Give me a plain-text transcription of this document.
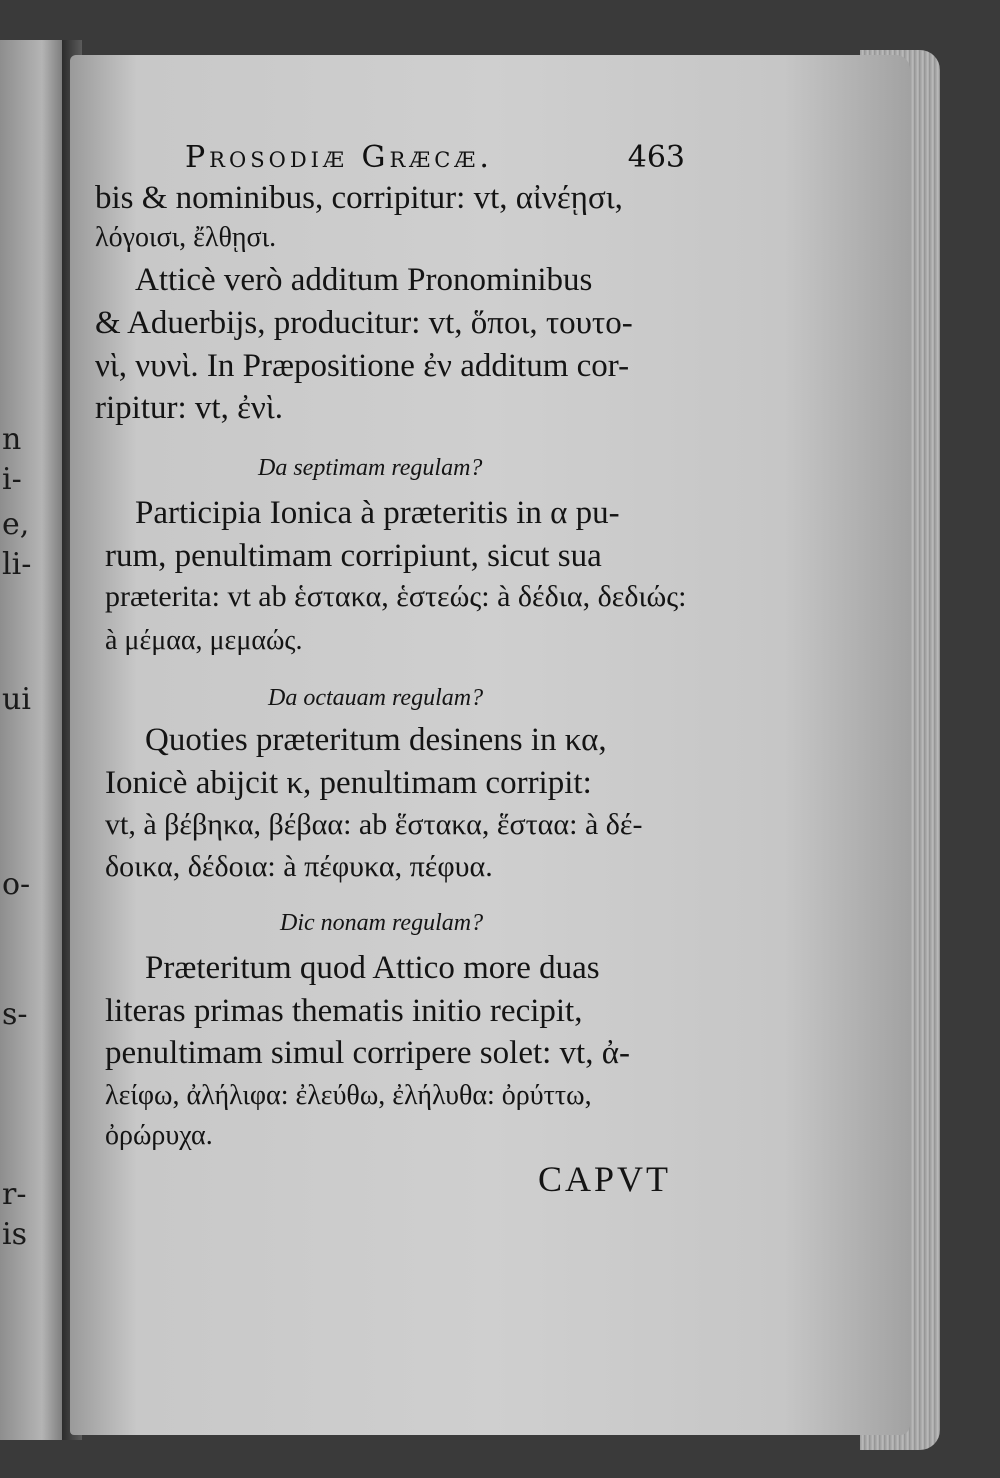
n
i-
e,
li-
ui
o-
s-
r-
is
Prosodiæ Græcæ.	463
bis & nominibus, corripitur: vt, αἰνέῃσι,
λόγοισι, ἔλθῃσι.
Atticè verò additum Pronominibus
& Aduerbijs, producitur: vt, ὅποι, τουτο-
νὶ, νυνὶ. In Præpositione ἐν additum cor-
ripitur: vt, ἐνὶ.
Da septimam regulam?
Participia Ionica à præteritis in α pu-
rum, penultimam corripiunt, sicut sua
præterita: vt ab ἑστακα, ἑστεώς: à δέδια, δεδιώς:
à μέμαα, μεμαώς.
Da octauam regulam?
Quoties præteritum desinens in κα,
Ionicè abijcit κ, penultimam corripit:
vt, à βέβηκα, βέβαα: ab ἕστακα, ἕσταα: à δέ-
δοικα, δέδοια: à πέφυκα, πέφυα.
Dic nonam regulam?
Præteritum quod Attico more duas
literas primas thematis initio recipit,
penultimam simul corripere solet: vt, ἀ-
λείφω, ἀλήλιφα: ἐλεύθω, ἐλήλυθα: ὀρύττω,
ὀρώρυχα.
CAPVT
